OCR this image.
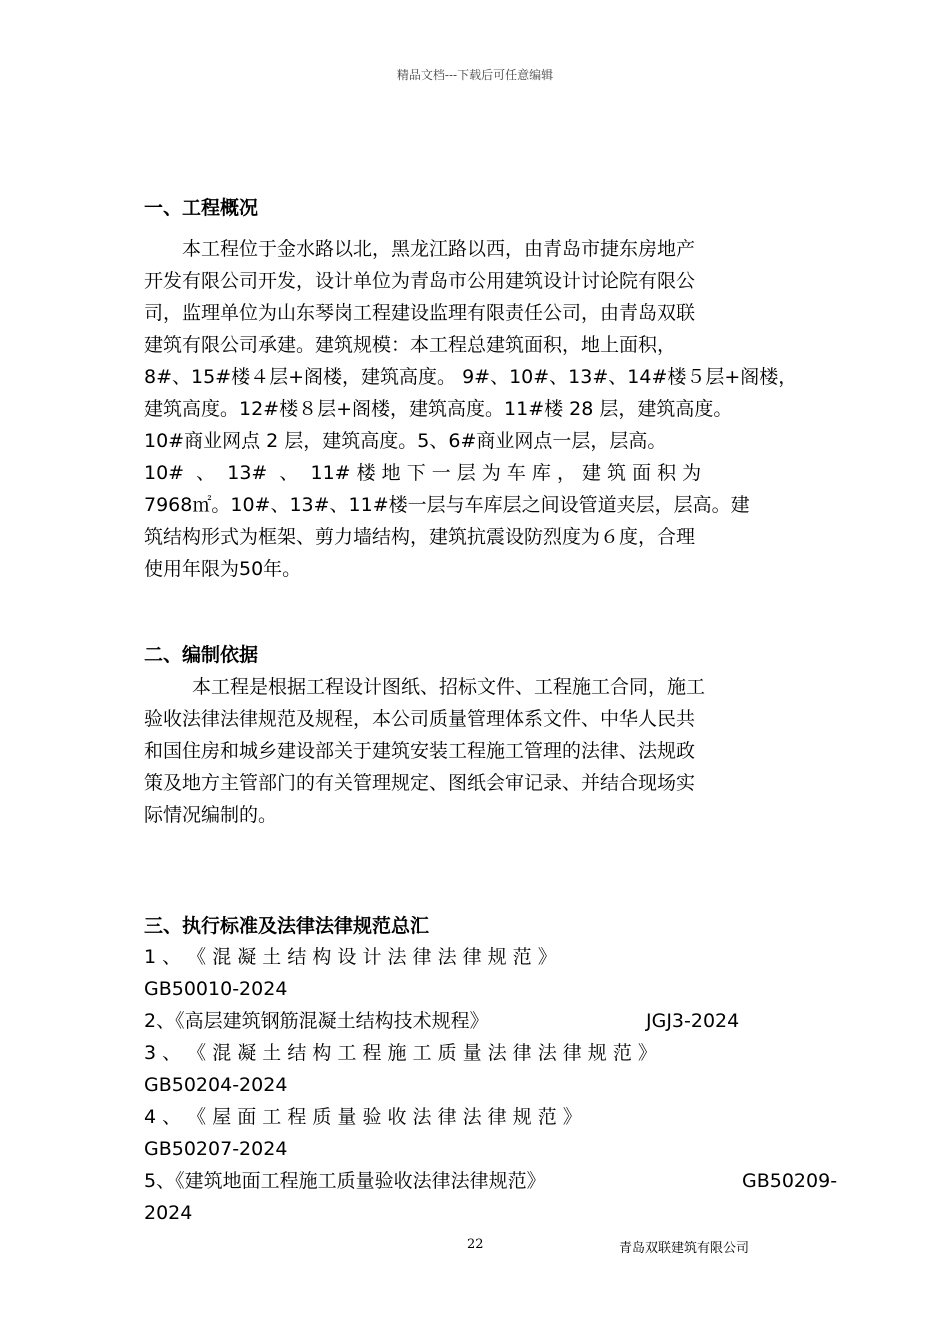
精品文档---下载后可任意编辑
一、工程概况
本工程位于金水路以北，黑龙江路以西，由青岛市捷东房地产
开发有限公司开发，设计单位为青岛市公用建筑设计讨论院有限公
司，监理单位为山东琴岗工程建设监理有限责任公司，由青岛双联
建筑有限公司承建。建筑规模：本工程总建筑面积，地上面积，
8#、15#楼４层+阁楼，建筑高度。 9#、10#、13#、14#楼５层+阁楼，
建筑高度。12#楼８层+阁楼，建筑高度。11#楼 28 层，建筑高度。
10#商业网点 2 层，建筑高度。5、6#商业网点一层，层高。
10#  、  13#  、  11# 楼 地 下 一 层 为 车 库 ， 建 筑 面 积 为
7968㎡。10#、13#、11#楼一层与车库层之间设管道夹层，层高。建
筑结构形式为框架、剪力墙结构，建筑抗震设防烈度为６度，合理
使用年限为50年。
二、编制依据
本工程是根据工程设计图纸、招标文件、工程施工合同，施工
验收法律法律规范及规程，本公司质量管理体系文件、中华人民共
和国住房和城乡建设部关于建筑安装工程施工管理的法律、法规政
策及地方主管部门的有关管理规定、图纸会审记录、并结合现场实
际情况编制的。
三、执行标准及法律法律规范总汇
1 、 《 混 凝 土 结 构 设 计 法 律 法 律 规 范 》
GB50010-2024
2、《高层建筑钢筋混凝土结构技术规程》	JGJ3-2024
3 、 《 混 凝 土 结 构 工 程 施 工 质 量 法 律 法 律 规 范 》
GB50204-2024
4 、 《 屋 面 工 程 质 量 验 收 法 律 法 律 规 范 》
GB50207-2024
5、《建筑地面工程施工质量验收法律法律规范》	GB50209-
2024
22	青岛双联建筑有限公司
